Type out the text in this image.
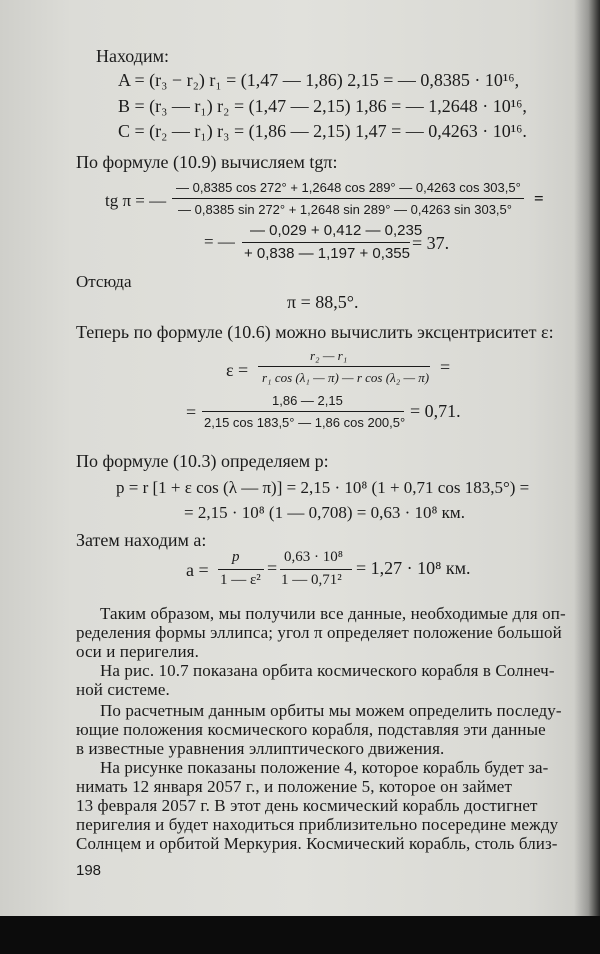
Находим:
A = (r₃ − r₂) r₁ = (1,47 — 1,86) 2,15 = — 0,8385 · 10¹⁶,
B = (r₃ — r₁) r₂ = (1,47 — 2,15) 1,86 = — 1,2648 · 10¹⁶,
C = (r₂ — r₁) r₃ = (1,86 — 2,15) 1,47 = — 0,4263 · 10¹⁶.
По формуле (10.9) вычисляем tgπ:
tg π = —
— 0,8385 cos 272° + 1,2648 cos 289° — 0,4263 cos 303,5°
— 0,8385 sin 272° + 1,2648 sin 289° — 0,4263 sin 303,5°
=
= —
— 0,029 + 0,412 — 0,235
+ 0,838 — 1,197 + 0,355
= 37.
Отсюда
π = 88,5°.
Теперь по формуле (10.6) можно вычислить эксцентриситет ε:
ε =
r₂ — r₁
r₁ cos (λ₁ — π) — r cos (λ₂ — π)
=
=
1,86 — 2,15
2,15 cos 183,5° — 1,86 cos 200,5°
= 0,71.
По формуле (10.3) определяем p:
p = r [1 + ε cos (λ — π)] = 2,15 · 10⁸ (1 + 0,71 cos 183,5°) =
= 2,15 · 10⁸ (1 — 0,708) = 0,63 · 10⁸ км.
Затем находим a:
a =
p
1 — ε²
=
0,63 · 10⁸
1 — 0,71²
= 1,27 · 10⁸ км.
Таким образом, мы получили все данные, необходимые для оп-
ределения формы эллипса; угол π определяет положение большой
оси и перигелия.
На рис. 10.7 показана орбита космического корабля в Солнеч-
ной системе.
По расчетным данным орбиты мы можем определить последу-
ющие положения космического корабля, подставляя эти данные
в известные уравнения эллиптического движения.
На рисунке показаны положение 4, которое корабль будет за-
нимать 12 января 2057 г., и положение 5, которое он займет
13 февраля 2057 г. В этот день космический корабль достигнет
перигелия и будет находиться приблизительно посередине между
Солнцем и орбитой Меркурия. Космический корабль, столь близ-
198
